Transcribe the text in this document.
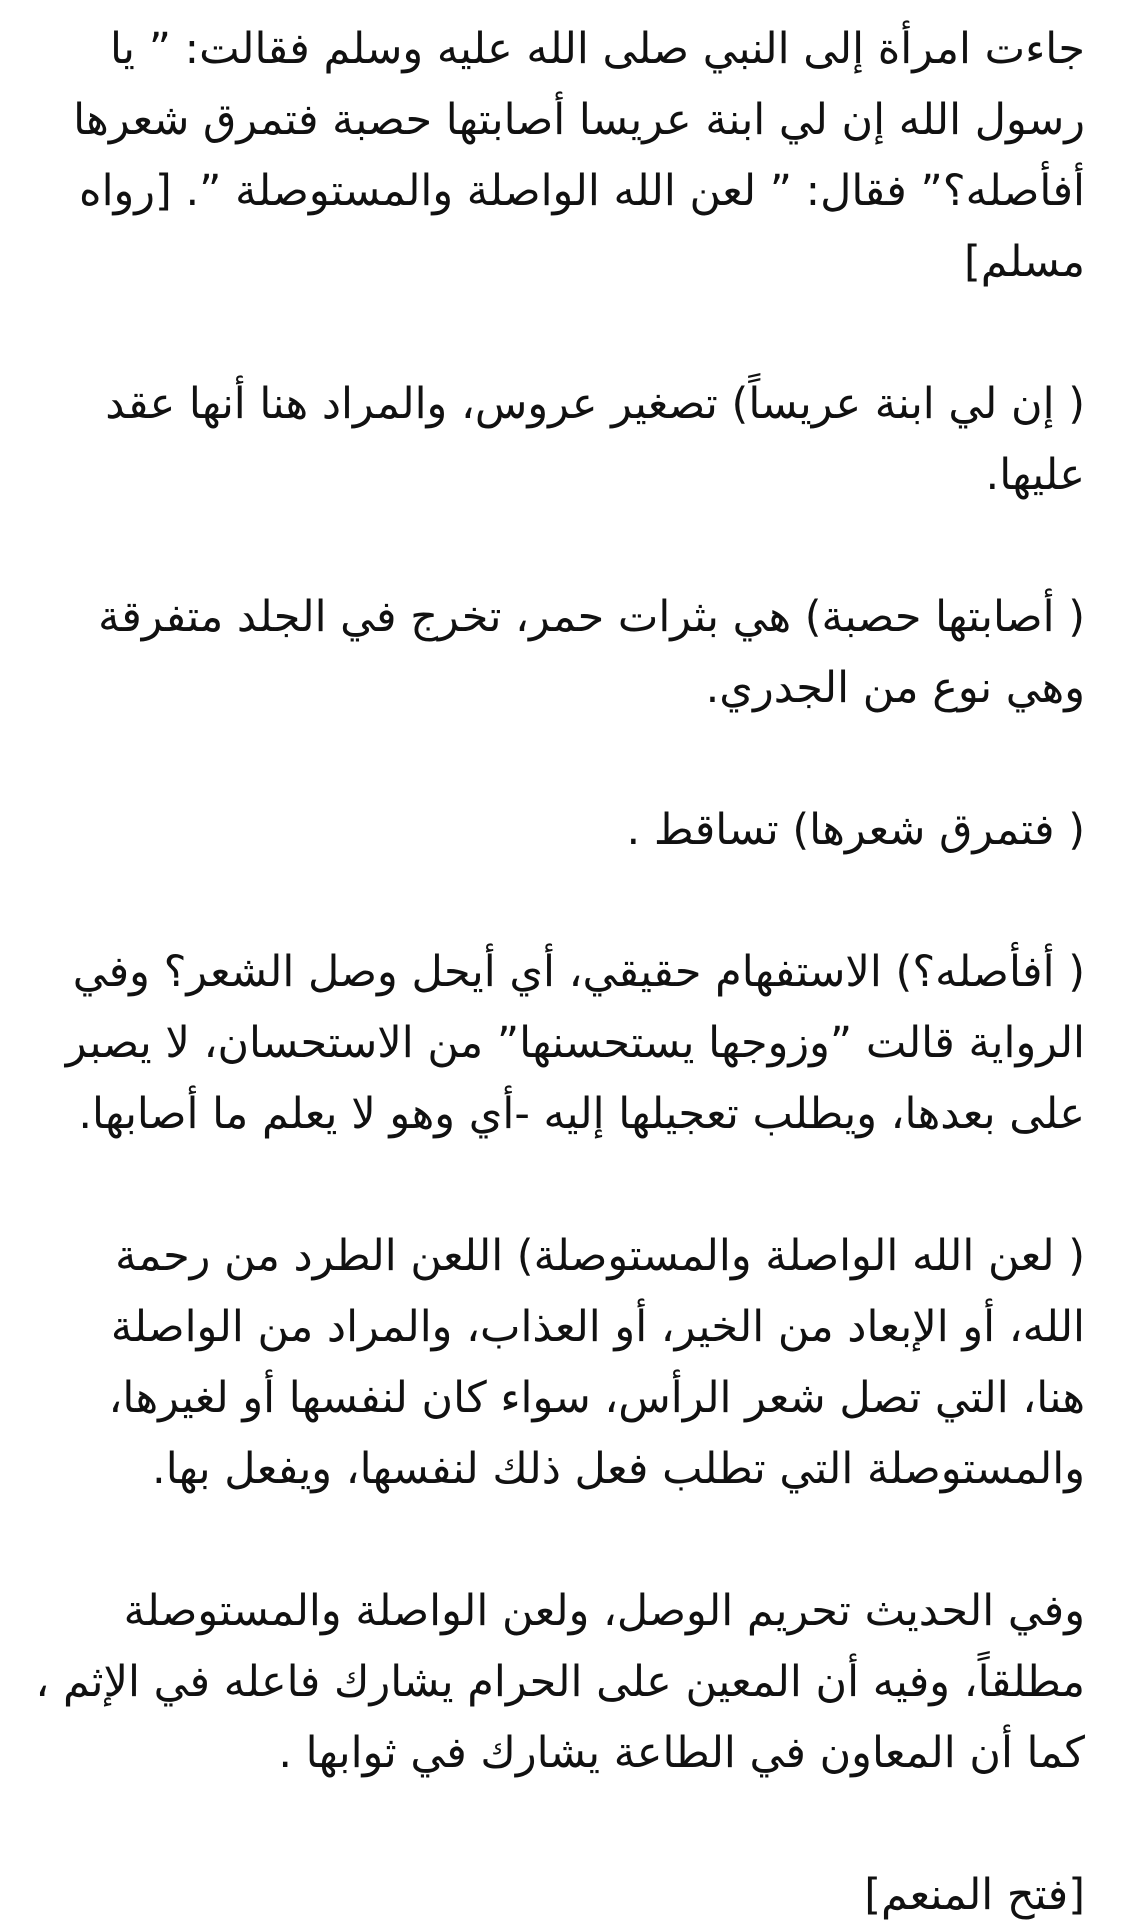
جاءت امرأة إلى النبي صلى الله عليه وسلم فقالت: ” يا رسول الله إن لي ابنة عريسا أصابتها حصبة فتمرق شعرها أفأصله؟” فقال: ” لعن الله الواصلة والمستوصلة ”. [رواه مسلم]

( إن لي ابنة عريساً) تصغير عروس، والمراد هنا أنها عقد عليها.

( أصابتها حصبة) هي بثرات حمر، تخرج في الجلد متفرقة وهي نوع من الجدري.

( فتمرق شعرها) تساقط .

( أفأصله؟) الاستفهام حقيقي، أي أيحل وصل الشعر؟ وفي الرواية قالت ”وزوجها يستحسنها” من الاستحسان، لا يصبر على بعدها، ويطلب تعجيلها إليه -أي وهو لا يعلم ما أصابها.

( لعن الله الواصلة والمستوصلة) اللعن الطرد من رحمة الله، أو الإبعاد من الخير، أو العذاب، والمراد من الواصلة هنا، التي تصل شعر الرأس، سواء كان لنفسها أو لغيرها، والمستوصلة التي تطلب فعل ذلك لنفسها، ويفعل بها.

وفي الحديث تحريم الوصل، ولعن الواصلة والمستوصلة مطلقاً، وفيه أن المعين على الحرام يشارك فاعله في الإثم ، كما أن المعاون في الطاعة يشارك في ثوابها .

[فتح المنعم]
